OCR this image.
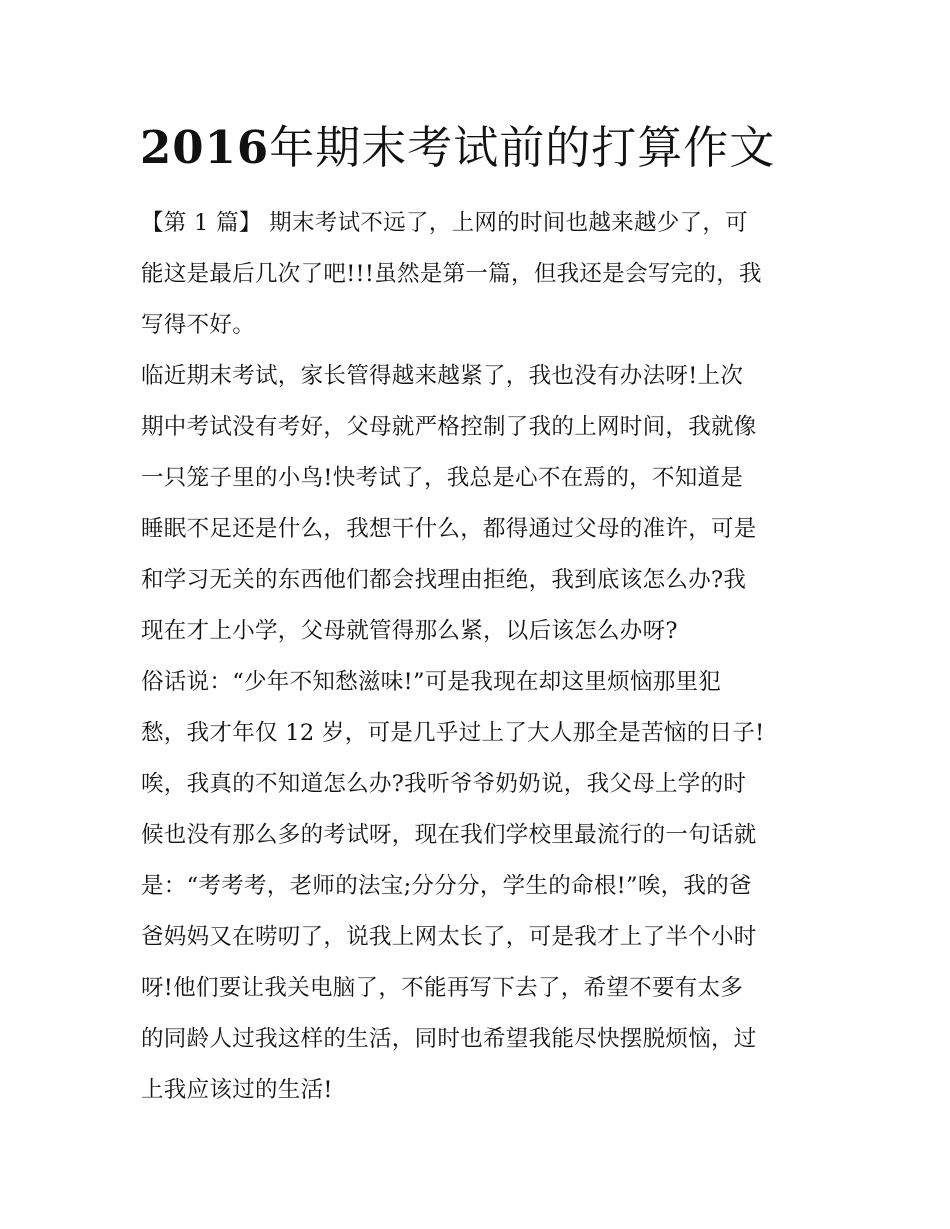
2016年期末考试前的打算作文
【第 1 篇】 期末考试不远了，上网的时间也越来越少了，可
能这是最后几次了吧!!!虽然是第一篇，但我还是会写完的，我
写得不好。
临近期末考试，家长管得越来越紧了，我也没有办法呀!上次
期中考试没有考好，父母就严格控制了我的上网时间，我就像
一只笼子里的小鸟!快考试了，我总是心不在焉的，不知道是
睡眠不足还是什么，我想干什么，都得通过父母的准许，可是
和学习无关的东西他们都会找理由拒绝，我到底该怎么办?我
现在才上小学，父母就管得那么紧，以后该怎么办呀?
俗话说：“少年不知愁滋味!”可是我现在却这里烦恼那里犯
愁，我才年仅 12 岁，可是几乎过上了大人那全是苦恼的日子!
唉，我真的不知道怎么办?我听爷爷奶奶说，我父母上学的时
候也没有那么多的考试呀，现在我们学校里最流行的一句话就
是：“考考考，老师的法宝;分分分，学生的命根!”唉，我的爸
爸妈妈又在唠叨了，说我上网太长了，可是我才上了半个小时
呀!他们要让我关电脑了，不能再写下去了，希望不要有太多
的同龄人过我这样的生活，同时也希望我能尽快摆脱烦恼，过
上我应该过的生活!
